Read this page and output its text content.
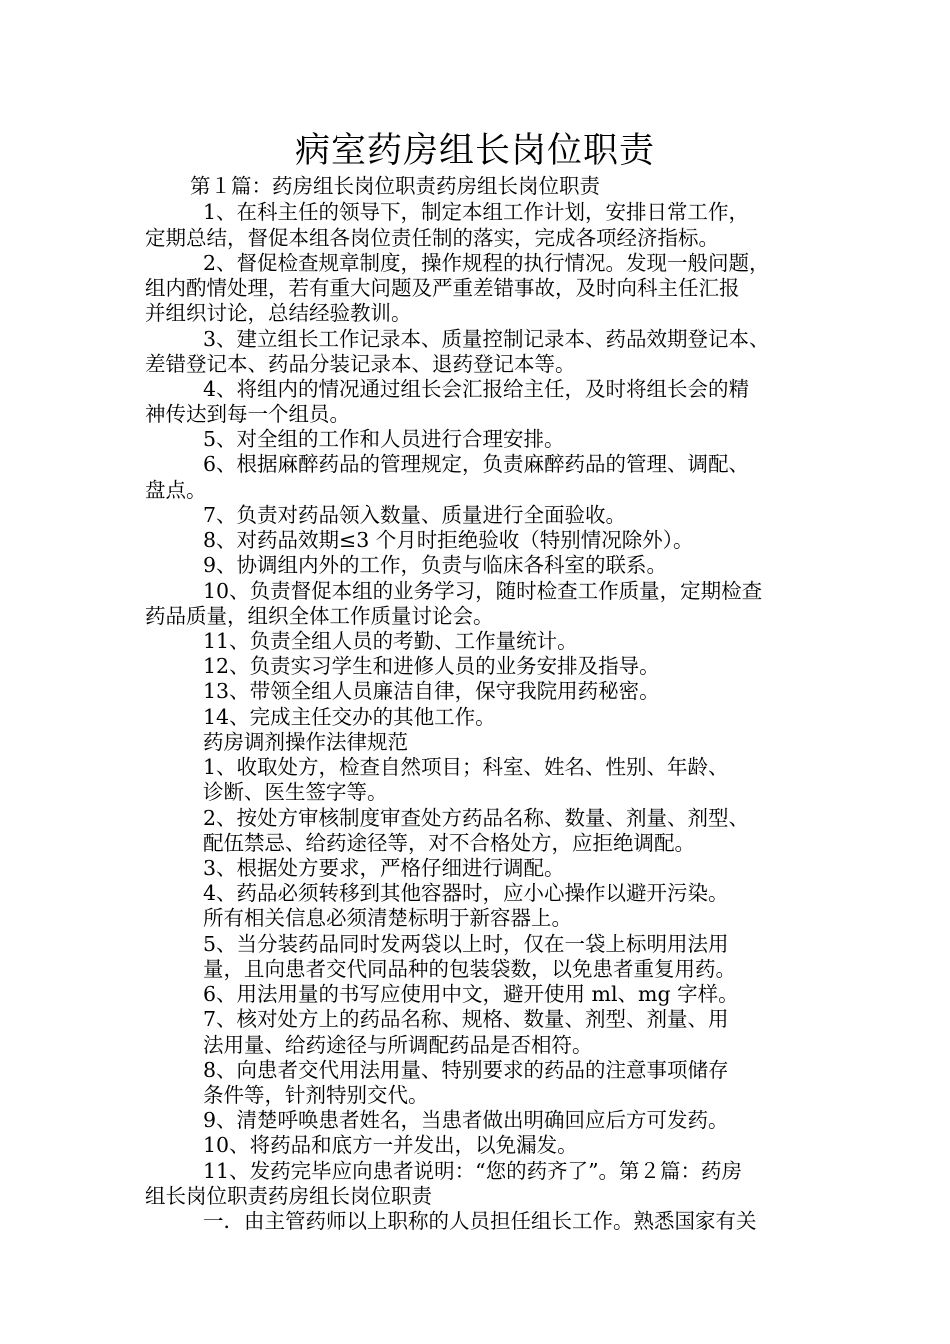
病室药房组长岗位职责
第１篇：药房组长岗位职责药房组长岗位职责
1、在科主任的领导下，制定本组工作计划，安排日常工作，
定期总结，督促本组各岗位责任制的落实，完成各项经济指标。
2、督促检查规章制度，操作规程的执行情况。发现一般问题，
组内酌情处理，若有重大问题及严重差错事故，及时向科主任汇报
并组织讨论，总结经验教训。
3、建立组长工作记录本、质量控制记录本、药品效期登记本、
差错登记本、药品分装记录本、退药登记本等。
4、将组内的情况通过组长会汇报给主任，及时将组长会的精
神传达到每一个组员。
5、对全组的工作和人员进行合理安排。
6、根据麻醉药品的管理规定，负责麻醉药品的管理、调配、
盘点。
7、负责对药品领入数量、质量进行全面验收。
8、对药品效期≤3 个月时拒绝验收（特别情况除外）。
9、协调组内外的工作，负责与临床各科室的联系。
10、负责督促本组的业务学习，随时检查工作质量，定期检查
药品质量，组织全体工作质量讨论会。
11、负责全组人员的考勤、工作量统计。
12、负责实习学生和进修人员的业务安排及指导。
13、带领全组人员廉洁自律，保守我院用药秘密。
14、完成主任交办的其他工作。
药房调剂操作法律规范
1、收取处方，检查自然项目；科室、姓名、性别、年龄、
诊断、医生签字等。
2、按处方审核制度审查处方药品名称、数量、剂量、剂型、
配伍禁忌、给药途径等，对不合格处方，应拒绝调配。
3、根据处方要求，严格仔细进行调配。
4、药品必须转移到其他容器时，应小心操作以避开污染。
所有相关信息必须清楚标明于新容器上。
5、当分装药品同时发两袋以上时，仅在一袋上标明用法用
量，且向患者交代同品种的包装袋数，以免患者重复用药。
6、用法用量的书写应使用中文，避开使用 ml、mg 字样。
7、核对处方上的药品名称、规格、数量、剂型、剂量、用
法用量、给药途径与所调配药品是否相符。
8、向患者交代用法用量、特别要求的药品的注意事项储存
条件等，针剂特别交代。
9、清楚呼唤患者姓名，当患者做出明确回应后方可发药。
10、将药品和底方一并发出，以免漏发。
11、发药完毕应向患者说明：“您的药齐了”。第２篇：药房
组长岗位职责药房组长岗位职责
一．由主管药师以上职称的人员担任组长工作。熟悉国家有关
